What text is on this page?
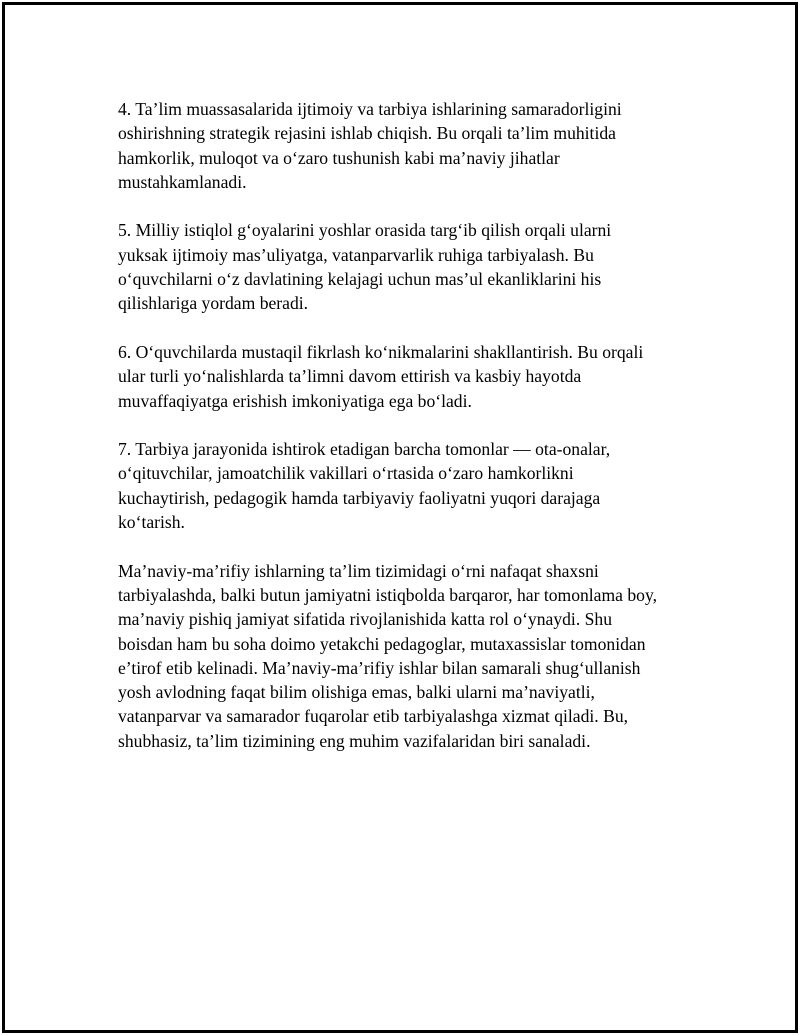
4. Ta’lim muassasalarida ijtimoiy va tarbiya ishlarining samaradorligini
oshirishning strategik rejasini ishlab chiqish. Bu orqali ta’lim muhitida
hamkorlik, muloqot va o‘zaro tushunish kabi ma’naviy jihatlar
mustahkamlanadi.

5. Milliy istiqlol g‘oyalarini yoshlar orasida targ‘ib qilish orqali ularni
yuksak ijtimoiy mas’uliyatga, vatanparvarlik ruhiga tarbiyalash. Bu
o‘quvchilarni o‘z davlatining kelajagi uchun mas’ul ekanliklarini his
qilishlariga yordam beradi.

6. O‘quvchilarda mustaqil fikrlash ko‘nikmalarini shakllantirish. Bu orqali
ular turli yo‘nalishlarda ta’limni davom ettirish va kasbiy hayotda
muvaffaqiyatga erishish imkoniyatiga ega bo‘ladi.

7. Tarbiya jarayonida ishtirok etadigan barcha tomonlar — ota-onalar,
o‘qituvchilar, jamoatchilik vakillari o‘rtasida o‘zaro hamkorlikni
kuchaytirish, pedagogik hamda tarbiyaviy faoliyatni yuqori darajaga
ko‘tarish.

Ma’naviy-ma’rifiy ishlarning ta’lim tizimidagi o‘rni nafaqat shaxsni
tarbiyalashda, balki butun jamiyatni istiqbolda barqaror, har tomonlama boy,
ma’naviy pishiq jamiyat sifatida rivojlanishida katta rol o‘ynaydi. Shu
boisdan ham bu soha doimo yetakchi pedagoglar, mutaxassislar tomonidan
e’tirof etib kelinadi. Ma’naviy-ma’rifiy ishlar bilan samarali shug‘ullanish
yosh avlodning faqat bilim olishiga emas, balki ularni ma’naviyatli,
vatanparvar va samarador fuqarolar etib tarbiyalashga xizmat qiladi. Bu,
shubhasiz, ta’lim tizimining eng muhim vazifalaridan biri sanaladi.
